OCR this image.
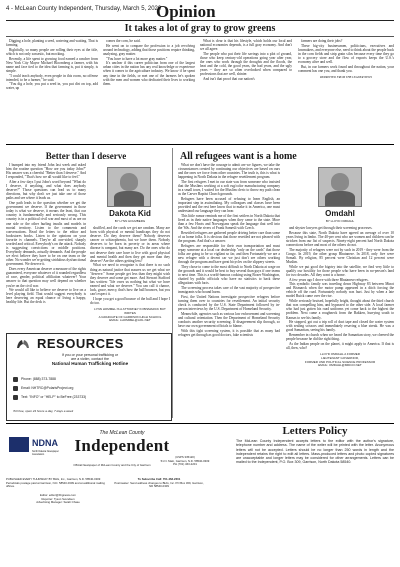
4 - McLean County Independent, Thursday, March 5, 2020
Opinion
It takes a lot of gray to grow greens

Digging a hole, planting a seed, watering and waiting. That is farming.

Rightfully, so many people are rolling their eyes at the title, which is not only sarcastic, but mocking.

Recently, a life spent to growing food earned a rancher from New York City Mayor Michael Bloomberg a farmer, with his name and face tied to the idea that farming is, put it simply, is simple.

"I could teach anybody, even people in this room, no offense intended, to be a farmer," he said.

"You dig a hole, you put a seed in, you put dirt on top, add water, up

comes the corn, he said.

He went on to compare the profession to a job revolving around technology, adding that those positions require thinking, analyzing, gray matter.

"You have to have a lot more gray matter."

It's unclear if this career politician from one of the largest urban cities in the nation has any real knowledge or experience when it comes to the agriculture industry. We know if he spent any time in the fields, or met one of the farmers he's spoken with the men and women who dedicated their lives to working them.

What is clear is that his lifestyle, which holds our local and national economies depends, is a full gray economy. And don't we all agree.

The people who put their life savings into a plot of ground, those who keep century-old operations going year after year, the ones who work through the droughts and the floods, the heat and the cold, the good years, the bad years, and the ugly years -- they are so often overlooked when compared to professions that are well, shinier.

And isn't that proof that our nation's

farmers are doing their jobs?

These big-city businessmen, politicians, executives and lawmakers, and everyone else, need to think about the people back in the corn fields and strip grain silos because every time they go to a grocery store and the flow of exports keeps the U.S.'s economy alive and well.

But, in our farmers work found and throughout the nation, your comment has one you, and thank you.

REPRINTED FROM THE LEADER NEWS
Better than I deserve

I bumped into my friend John last week and asked him the routine question "How are you today John?" His answer was a cheerful "Better than I deserve." And I responded, "That's how we all would like to feel."

After a few days I put John's word beyond "What do I deserve, if anything, and what does anybody deserve?" Those questions can lead us to many directions, but why don't we just take one of those paths and see where it leads us.

One path leads to the question whether we get the government we deserve. If the government in those today is what we deserve, it means the least, that our country is fundamentally and seriously wrong. This country is in a political civil war and most of us are on one side or the other hurling insults and models in mortal territory. Listen to the comments and conversations. Read the letters to the editor and bookstores books. Listen to the opinions on your favorite tv channels. They're all one-sided, sharply worded and critical. Everybody's on the attack. Nobody is suggesting convictions or middle positions. Everybody demands, actually demands. And the people we elect believe they have to be on one team or the other. No wonder we're getting stridulous dysfunctional government. We deserve it.

Does every American deserve a measure of the rights guaranteed, everyone whatever of it rounded regardless of race, gender, political affiliation whatever? Your answer to that question may well depend on whether you're on the civil war.

We would all like to believe we deserve to live on a level playing field. That would suggest everybody is here deserving an equal chance of living a happy, healthy life. But the deck is

Dakota Kid
BY LYNN HOLMBERG

shuffled, and the cards we get are random. Many are born with physical or mental handicaps they do not deserve. Do they deserve them? Nobody deserves cancer or schizophrenia, but we have them. Nobody deserves to be born in poverty or in areas where disease is rampant, but many are. Do the ones who do not deserve their care have to live with good physical and mental health and then they get more than they deserve? Are the others getting less?

What we need to recognize is that there is no such thing as natural justice that assures us we get what we "deserve." Some people get less than they might wish they deserve and some get more. And Stewart Stafford has written: "life owes us nothing but what we have earned and what we deserve." You can call it chance, luck, grace, mercy, that's how the ball bounces, but you can't expect it.

I hope you get a good bounce of the ball and I hope I do too.

LYNN HOMMEL IS A ATTORNEY IN BISMARCK BUT WRITES
A GRADUATE OF GARRISON HIGH SCHOOL
EMAIL: LHOMMEL@AOL.NET
All refugees want is a home

What we don't have the courage to admit are we figures, we take the circumstances created by continuing our objectives are based on ours and the ones we force from other countries. The truth is, this is what is happening in North Dakota in the refugee resettlement program.

The first refugees I met in our state was from someone who insisted that the Muslims working at a soft rug/color manufacturing company in a small town, I waited for the Muslim cleric to throw my path clean as the Carver Baptist Church grounds.

Refugees have been accused of refusing to learn English, an important step in assimilating. My colleagues and classes have been provided and the rest here know that to make it in America, one must understand our language they can hear.

This little rumor reminds me of the first settlers in North Dakota that lived as in their native languages when they came to the state. More than a few Hoots and Norwegians speak the language that well into the '60s. And the rivers of Frank Samesli with Czech.

Resettled refugees are gathered people driving better care than some of us home folks. It is obvious that those resettled are not pleased with the program. And that's a answer.

Refugees are responsible for their own transportation and must repay someone at a local car dealership "only on the cards" that those folks are going to be so vigilant so far, and then Fortunately we are a new refugee with a decent car we just don't see others working through the program and have great bicycles on the slippery streets.

They chose to come to the most difficult to North Dakota at wage on the grounds and it would be best to buy several than guys if one teams to next time. This is a world-famous cooking using Boxer Washington, chatted by public officials who have no statistics to back these allegations with facts.

The screening process takes care of the vast majority of prospective immigrants who bound harm.

First, the United Nations investigate prospective refugees before turning them over to countries for resettlement. An initial security check is conducted by the U.S. State Department followed by in-person interviews by the U.S. Department of Homeland Security.

Meanwhile, agencies such as various law enforcement and screening and cultural orientation. Then the Department of Homeland Security conducts another security screening. If disagreement slip through, so have our own government officials to blame.

With this tight screening system, it is possible that as many bad refugees get through as good doctors, fake scientists

Omdahl
BY LLOYD OMDAHL

and shyster lawyers get through their screening processes.

Because this state, North Dakota have agreed an average of over 10 years living in limbo. The 40-per cent who are women and children can be stricken from our list of suspects. Ninety-eight percent had North Dakota connections before and most of the others do not.

The majority of refugees were not by such in 2019 - they were from the Congo. In 2019, the other group Bhutanese. In 2018, only five were Somali. By religion, 85 percent were Christian and 12 percent were Muslim.

While we put good the bigotry into the satellite, we find very little to qualify our hostility for those people who have been in no-person's land for two decades. All they want is a home.

A few years ago I drove with three Bhutanese refugees.

This symbolic family was traveling down Highway 83 between Minot and Bismarck when the motor pump appeared in a ditch forcing the vehicle off the road. Fortunately nobody was hurt. Just by when a late model Buick came over the rise.

While seriously bruised, hopefully bright, thought about the third church that was compelling him, and bypassed to the other side. A local farmer who had just gotten his road uniforms yet come back to the highest the problem. Next came a roughneck from the Bakken, hurrying south to Kansas to see his family.

He stopped, got out a trip roll of duct tape and closed the water system with sealing scissors and immediately resaving a blue streak. He was a good Samaritan, seeing his family.

Remember in church when we heard the Samaritan story, we cheered the people because he did the right thing.

As the Indian people on the planet, it might apply to America. If that is all, then, who?

LLOYD OMDAHL A FORMER
LIEUTENANT GOVERNOR,
FORMER UND POLITICAL SCIENCE PROFESSOR
EMAIL: OMDAHL@MIDCO.NET
RESOURCES
If you or your personal trafficking or
are a victim, contact the
National Human Trafficking Hotline
Phone: (888) 373-7888
Email: NHTRC@PolarisProject.org
Text: "INFO" or "HELP" to BeFree (233733)
Toll free, open 24 hours a day, 7 days a week
The McLean County
Independent
NDNA
North Dakota Newspaper Association
(USPS 335120)
51 N. Main, Garrison, N.D. 58540-0309
PH (701) 463-2201
Official Newspaper of McLean County and the City of Garrison
PUBLISHED EVERY THURSDAY BY BHG, Inc., Garrison, N.D. 58540-0309
Periodicals postage paid at Garrison, N.D. 58540-0309 and at additional mailing offices.
To Subscribe Call: 701-463-2201
Postmaster: Send address changes to BHG, Inc. PO Box 309, Garrison, ND 58540-0309
Editor: editor@bhgnews.com
Reporter: Tyson Svendsen
Advertising Manager: Sarah Chase
Letters Policy
The McLean County Independent accepts letters to the editor with the author's signature, telephone number and address. The name of the writer will be printed with the letter. Anonymous letters will not be accepted. Letters should be no longer than 250 words in length and the independent retains the right to edit all letters. Mass-produced letters and photo copied signatures are unacceptable and longer letters may be considered for other arrangements. Letters can be mailed to the Independent, P.O. Box 309, Garrison, North Dakota 58540.
